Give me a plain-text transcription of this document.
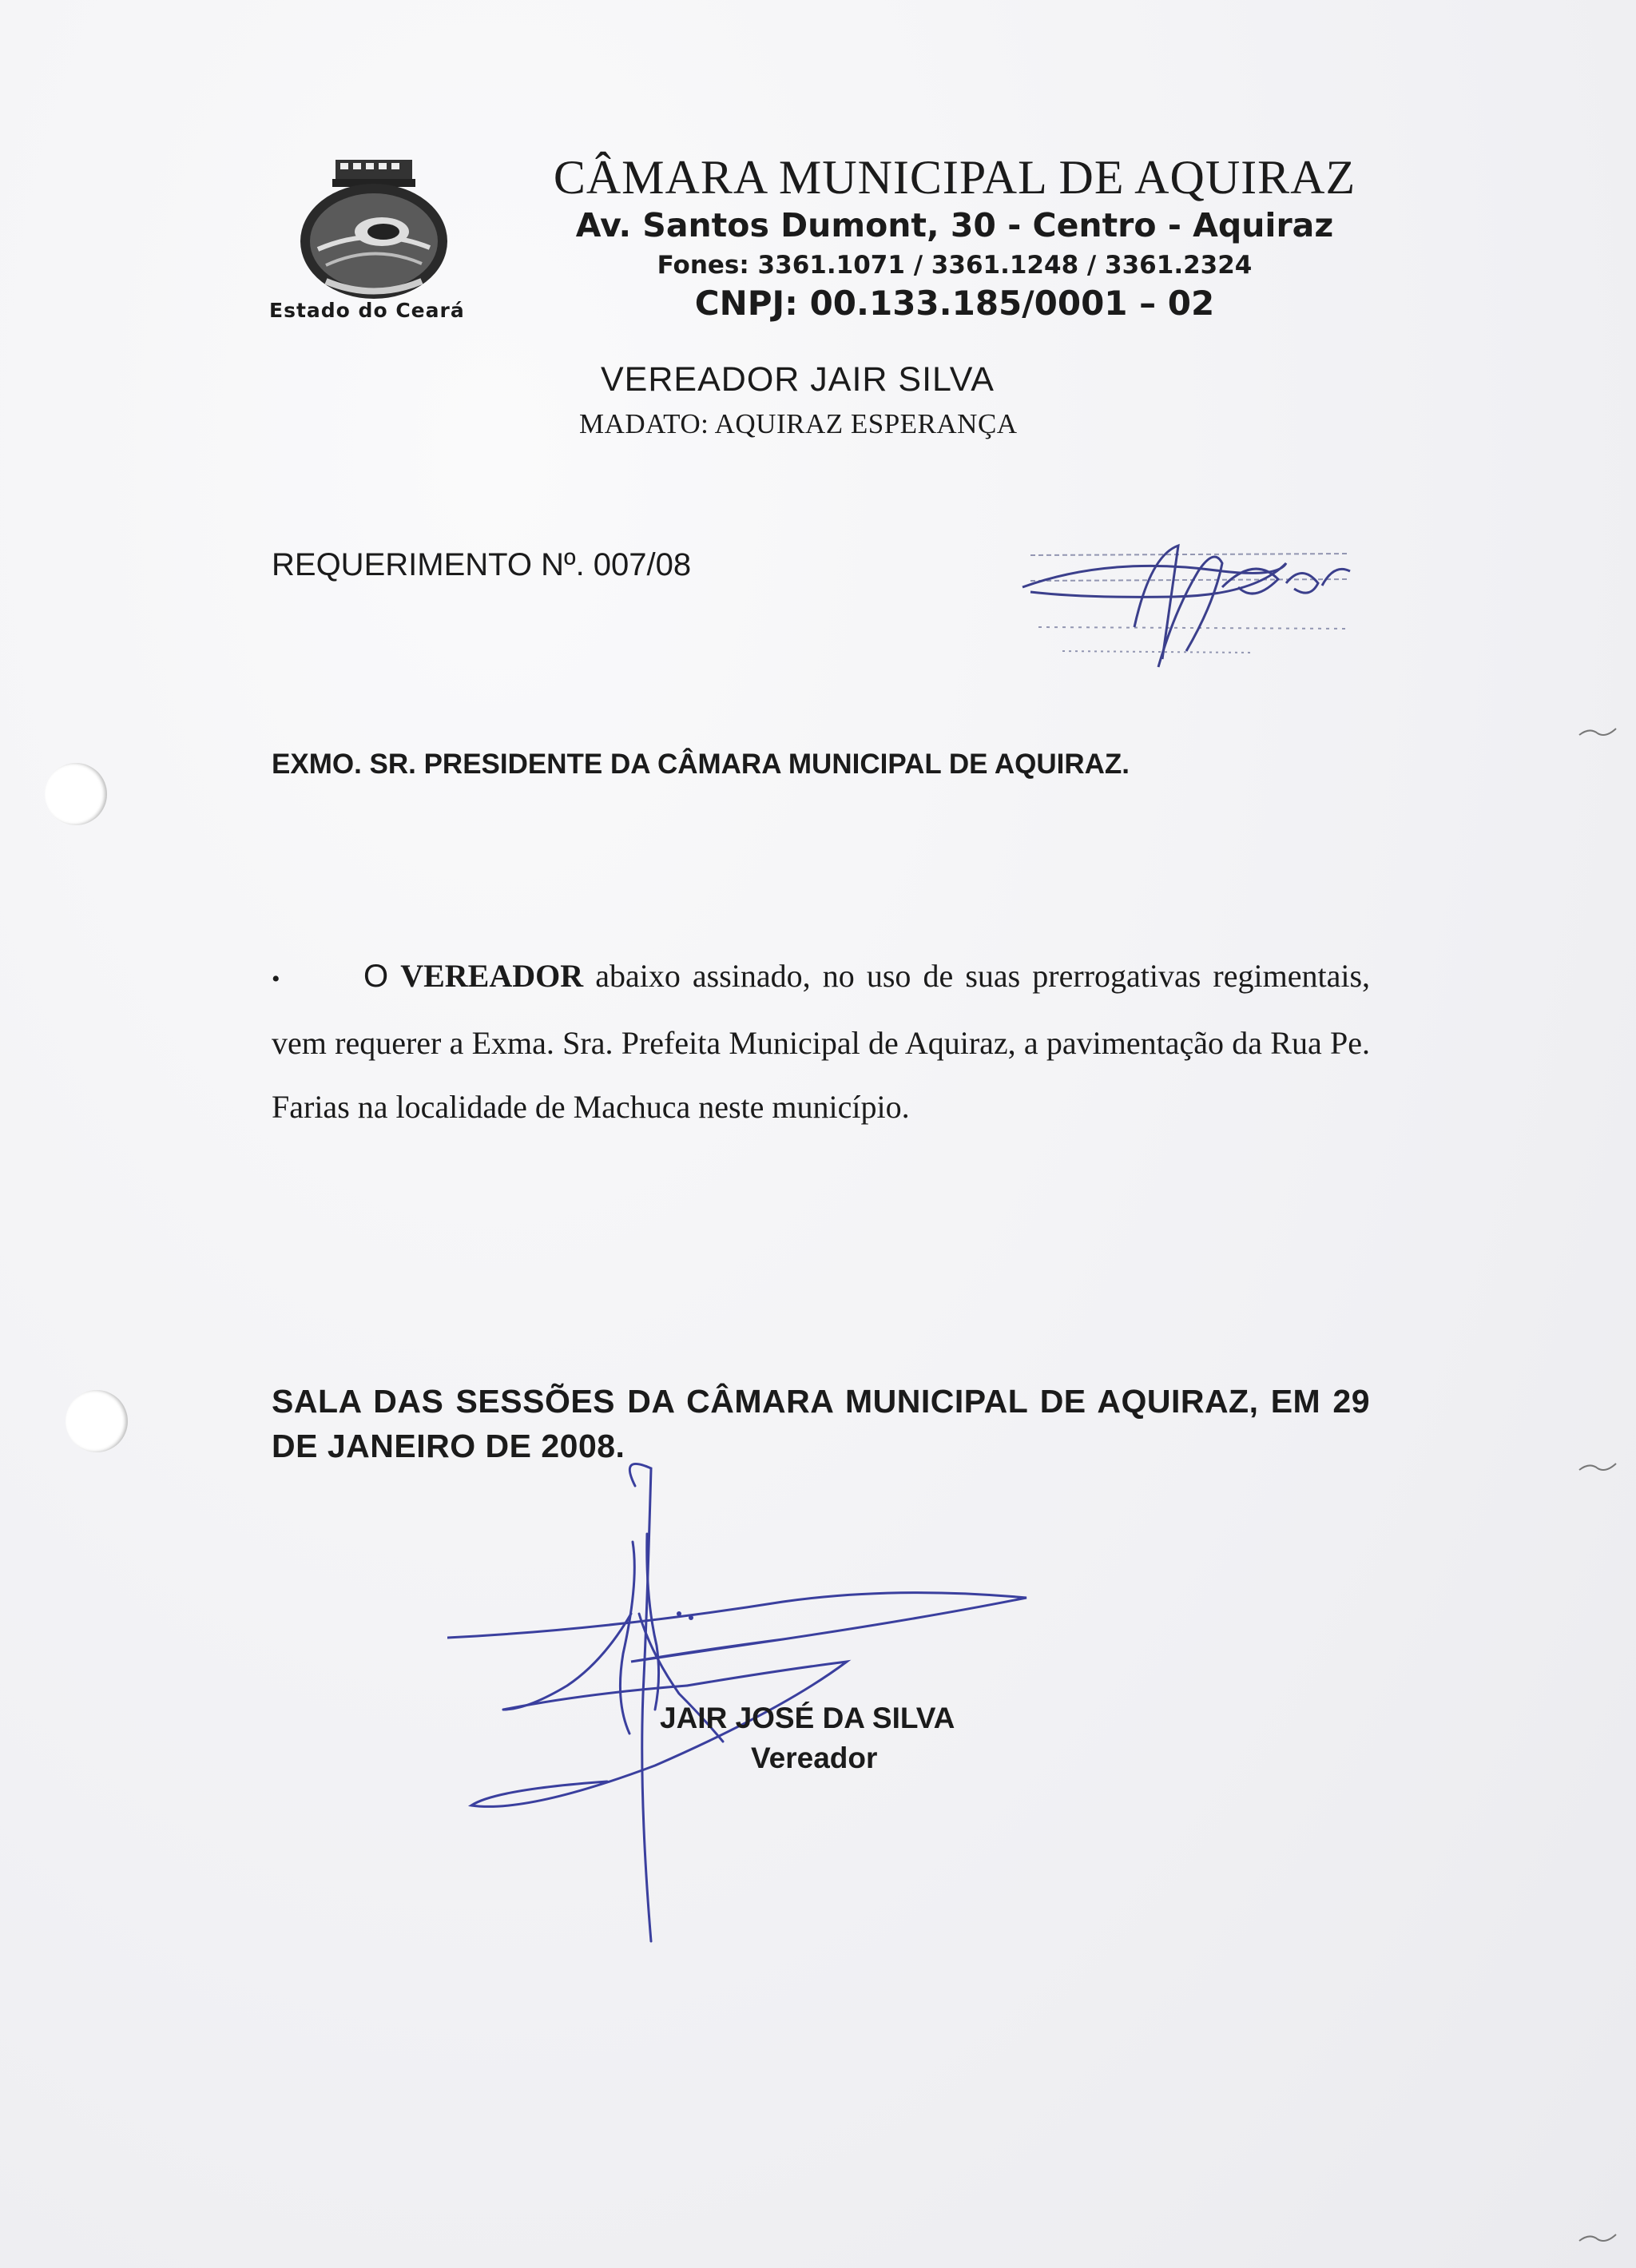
Estado do Ceará
CÂMARA MUNICIPAL DE AQUIRAZ
Av. Santos Dumont, 30 - Centro - Aquiraz
Fones: 3361.1071 / 3361.1248 / 3361.2324
CNPJ: 00.133.185/0001 – 02
VEREADOR JAIR SILVA
MADATO: AQUIRAZ ESPERANÇA
REQUERIMENTO Nº. 007/08
EXMO. SR. PRESIDENTE DA CÂMARA MUNICIPAL DE AQUIRAZ.
•	O VEREADOR abaixo assinado, no uso de suas prerrogativas regimentais, vem requerer a Exma. Sra. Prefeita Municipal de Aquiraz, a pavimentação da Rua Pe. Farias na localidade de Machuca neste município.
SALA DAS SESSÕES DA CÂMARA MUNICIPAL DE AQUIRAZ, EM 29 DE JANEIRO DE 2008.
JAIR JOSÉ DA SILVA
Vereador
